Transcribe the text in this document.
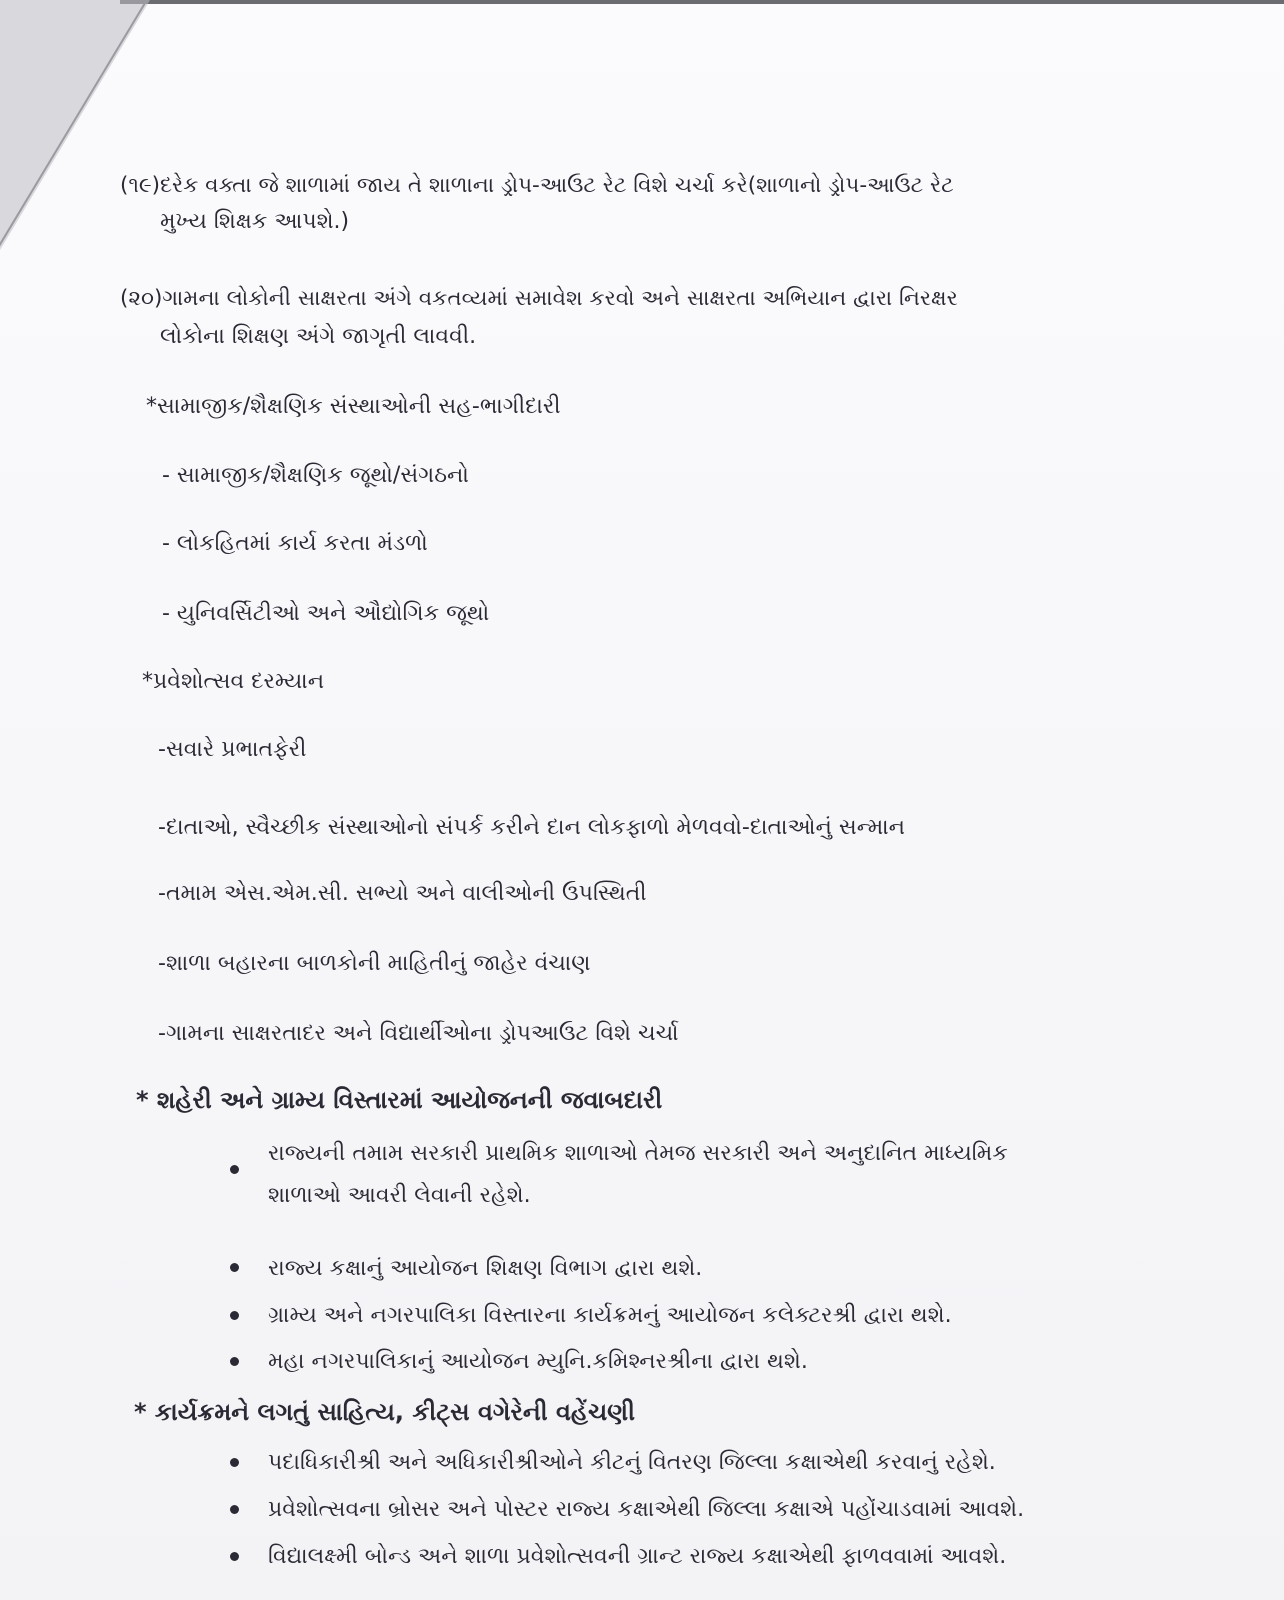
(૧૯)દરેક વક્તા જે શાળામાં જાય તે શાળાના ડ્રોપ-આઉટ રેટ વિશે ચર્ચા કરે(શાળાનો ડ્રોપ-આઉટ રેટ
મુખ્ય શિક્ષક આપશે.)
(૨૦)ગામના લોકોની સાક્ષરતા અંગે વકતવ્યમાં સમાવેશ કરવો અને સાક્ષરતા અભિયાન દ્વારા નિરક્ષર
લોકોના શિક્ષણ અંગે જાગૃતી લાવવી.
*સામાજીક/શૈક્ષણિક સંસ્થાઓની સહ-ભાગીદારી
- સામાજીક/શૈક્ષણિક જૂથો/સંગઠનો
- લોકહિતમાં કાર્ય કરતા મંડળો
- યુનિવર્સિટીઓ અને ઔદ્યોગિક જૂથો
*પ્રવેશોત્સવ દરમ્યાન
-સવારે પ્રભાતફેરી
-દાતાઓ, સ્વૈચ્છીક સંસ્થાઓનો સંપર્ક કરીને દાન લોકફાળો મેળવવો-દાતાઓનું સન્માન
-તમામ એસ.એમ.સી. સભ્યો અને વાલીઓની ઉપસ્થિતી
-શાળા બહારના બાળકોની માહિતીનું જાહેર વંચાણ
-ગામના સાક્ષરતાદર અને વિદ્યાર્થીઓના ડ્રોપઆઉટ વિશે ચર્ચા
* શહેરી અને ગ્રામ્ય વિસ્તારમાં આયોજનની જવાબદારી
રાજ્યની તમામ સરકારી પ્રાથમિક શાળાઓ તેમજ સરકારી અને અનુદાનિત માધ્યમિક
શાળાઓ આવરી લેવાની રહેશે.
રાજ્ય કક્ષાનું આયોજન શિક્ષણ વિભાગ દ્વારા થશે.
ગ્રામ્ય અને નગરપાલિકા વિસ્તારના કાર્યક્રમનું આયોજન કલેક્ટરશ્રી દ્વારા થશે.
મહા નગરપાલિકાનું આયોજન મ્યુનિ.કમિશ્નરશ્રીના દ્વારા થશે.
* કાર્યક્રમને લગતું સાહિત્ય, કીટ્સ વગેરેની વહેંચણી
પદાધિકારીશ્રી અને અધિકારીશ્રીઓને કીટનું વિતરણ જિલ્લા કક્ષાએથી કરવાનું રહેશે.
પ્રવેશોત્સવના બ્રોસર અને પોસ્ટર રાજ્ય કક્ષાએથી જિલ્લા કક્ષાએ પહોંચાડવામાં આવશે.
વિદ્યાલક્ષ્મી બોન્ડ અને શાળા પ્રવેશોત્સવની ગ્રાન્ટ રાજ્ય કક્ષાએથી ફાળવવામાં આવશે.
